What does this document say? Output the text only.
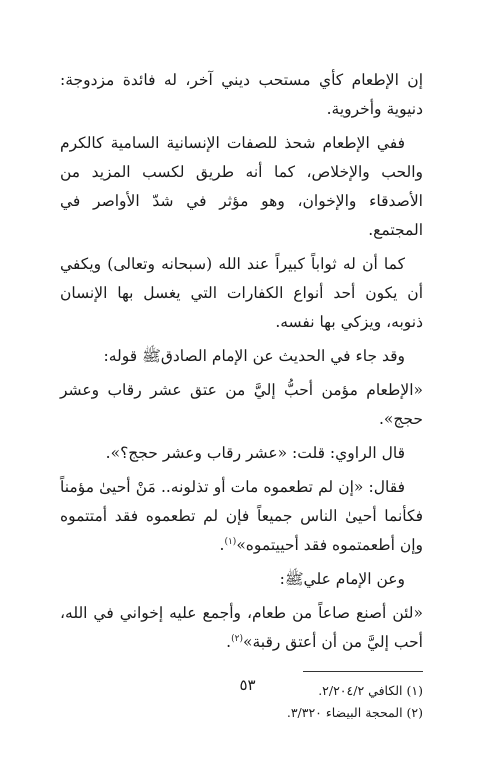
إن الإطعام كأي مستحب ديني آخر، له فائدة مزدوجة: دنيوية وأخروية.

ففي الإطعام شحذ للصفات الإنسانية السامية كالكرم والحب والإخلاص، كما أنه طريق لكسب المزيد من الأصدقاء والإخوان، وهو مؤثر في شدّ الأواصر في المجتمع.

كما أن له ثواباً كبيراً عند الله (سبحانه وتعالى) ويكفي أن يكون أحد أنواع الكفارات التي يغسل بها الإنسان ذنوبه، ويزكي بها نفسه.

وقد جاء في الحديث عن الإمام الصادقﷺ قوله:

«الإطعام مؤمن أحبُّ إليَّ من عتق عشر رقاب وعشر حجج».

قال الراوي: قلت: «عشر رقاب وعشر حجج؟».

فقال: «إن لم تطعموه مات أو تذلونه.. مَنْ أحيىٰ مؤمناً فكأنما أحيىٰ الناس جميعاً فإن لم تطعموه فقد أمتتموه وإن أطعمتموه فقد أحييتموه»$^{(١)}$.

وعن الإمام عليﷺ:

«لئن أصنع صاعاً من طعام، وأجمع عليه إخواني في الله، أحب إليَّ من أن أعتق رقبة»$^{(٢)}$.

(١) الكافي ٢/٢٠٤/٢.

(٢) المحجة البيضاء ٣/٣٢٠.

٥٣
